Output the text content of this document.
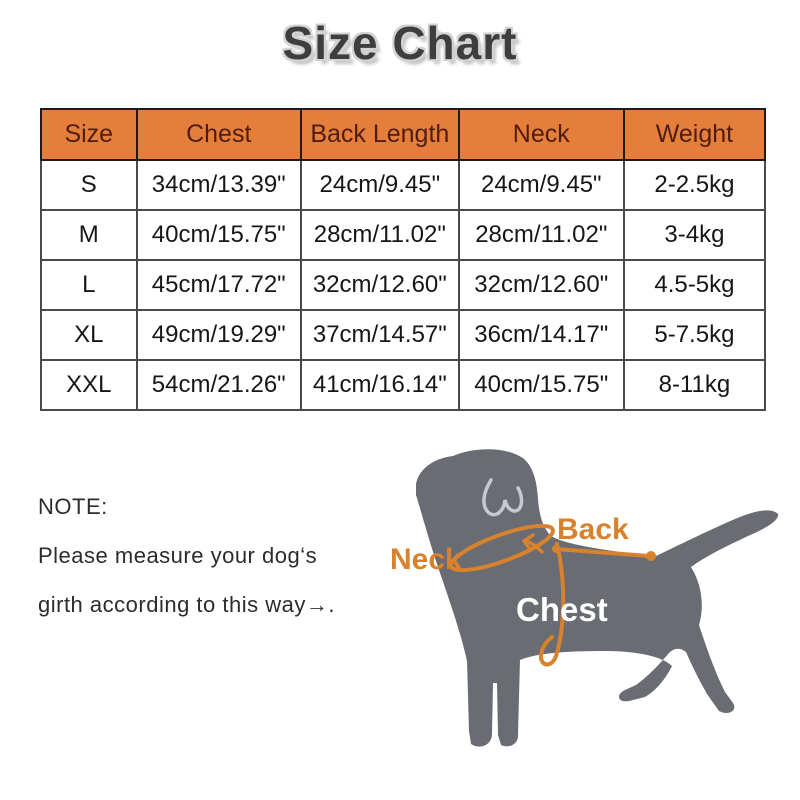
Size Chart
Size	Chest	Back Length	Neck	Weight
S	34cm/13.39"	24cm/9.45"	24cm/9.45"	2-2.5kg
M	40cm/15.75"	28cm/11.02"	28cm/11.02"	3-4kg
L	45cm/17.72"	32cm/12.60"	32cm/12.60"	4.5-5kg
XL	49cm/19.29"	37cm/14.57"	36cm/14.17"	5-7.5kg
XXL	54cm/21.26"	41cm/16.14"	40cm/15.75"	8-11kg

NOTE:

Please measure your dog‘s

girth according to this way→.

Neck
Back
Chest
